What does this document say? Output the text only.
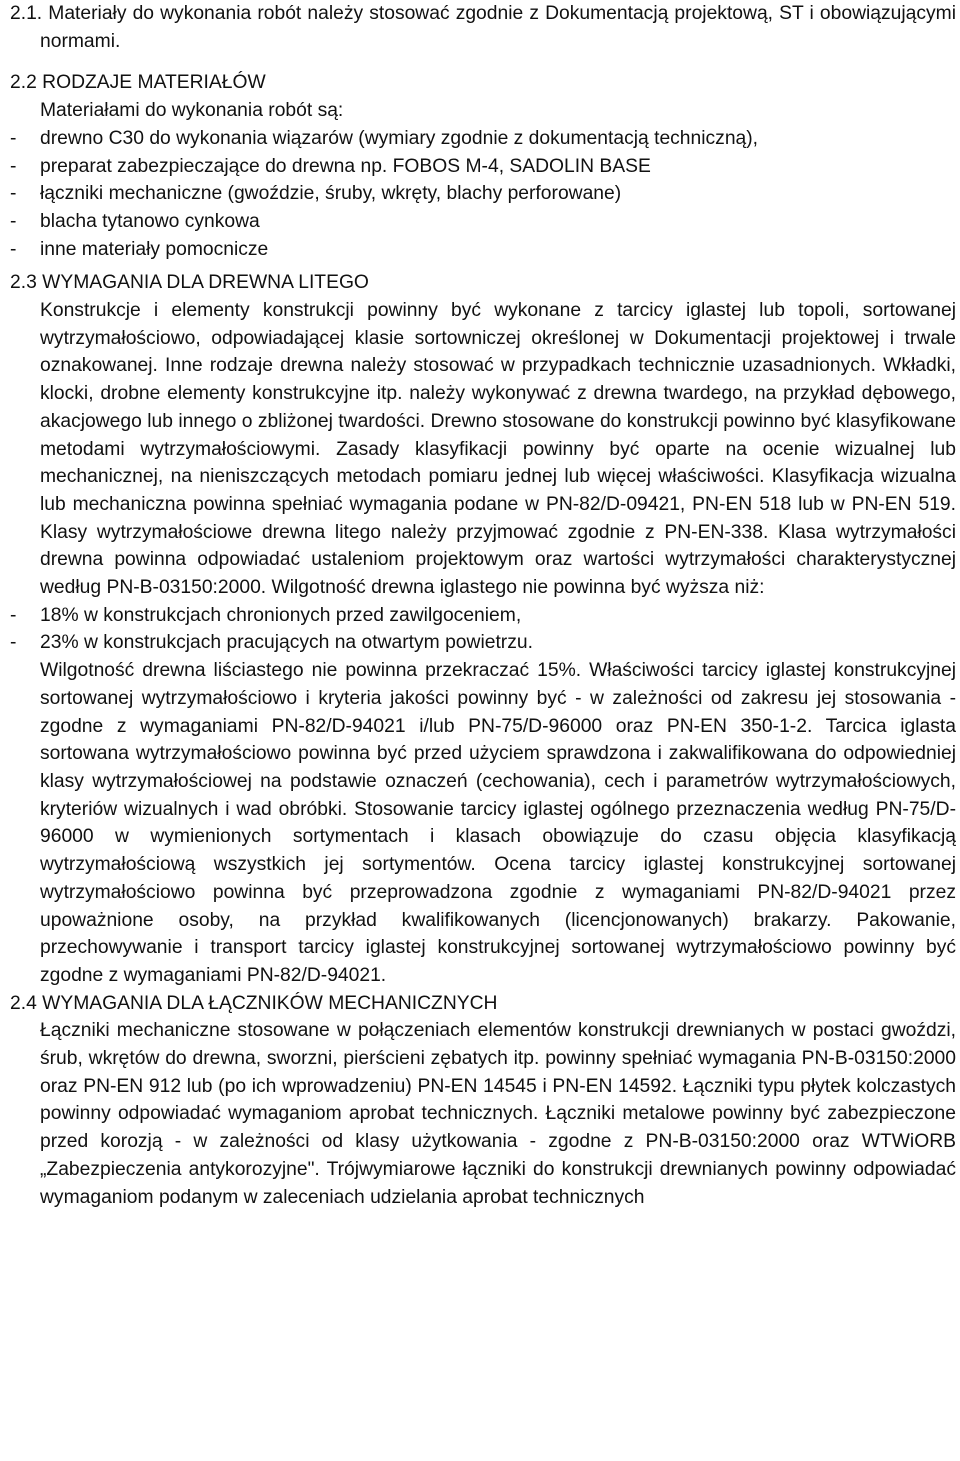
2.1. Materiały do wykonania robót należy stosować zgodnie z Dokumentacją projektową, ST i obowiązującymi normami.

2.2 RODZAJE MATERIAŁÓW

Materiałami do wykonania robót są:

- drewno C30 do wykonania wiązarów (wymiary zgodnie z dokumentacją techniczną),
- preparat zabezpieczające do drewna np. FOBOS M-4, SADOLIN BASE
- łączniki mechaniczne (gwoździe, śruby, wkręty, blachy perforowane)
- blacha tytanowo cynkowa
- inne materiały pomocnicze

2.3 WYMAGANIA DLA DREWNA LITEGO

Konstrukcje i elementy konstrukcji powinny być wykonane z tarcicy iglastej lub topoli, sortowanej wytrzymałościowo, odpowiadającej klasie sortowniczej określonej w Dokumentacji projektowej i trwale oznakowanej. Inne rodzaje drewna należy stosować w przypadkach technicznie uzasadnionych. Wkładki, klocki, drobne elementy konstrukcyjne itp. należy wykonywać z drewna twardego, na przykład dębowego, akacjowego lub innego o zbliżonej twardości. Drewno stosowane do konstrukcji powinno być klasyfikowane metodami wytrzymałościowymi. Zasady klasyfikacji powinny być oparte na ocenie wizualnej lub mechanicznej, na nieniszczących metodach pomiaru jednej lub więcej właściwości. Klasyfikacja wizualna lub mechaniczna powinna spełniać wymagania podane w PN-82/D-09421, PN-EN 518 lub w PN-EN 519. Klasy wytrzymałościowe drewna litego należy przyjmować zgodnie z PN-EN-338. Klasa wytrzymałości drewna powinna odpowiadać ustaleniom projektowym oraz wartości wytrzymałości charakterystycznej według PN-B-03150:2000. Wilgotność drewna iglastego nie powinna być wyższa niż:

- 18% w konstrukcjach chronionych przed zawilgoceniem,
- 23% w konstrukcjach pracujących na otwartym powietrzu.

Wilgotność drewna liściastego nie powinna przekraczać 15%. Właściwości tarcicy iglastej konstrukcyjnej sortowanej wytrzymałościowo i kryteria jakości powinny być - w zależności od zakresu jej stosowania - zgodne z wymaganiami PN-82/D-94021 i/lub PN-75/D-96000 oraz PN-EN 350-1-2. Tarcica iglasta sortowana wytrzymałościowo powinna być przed użyciem sprawdzona i zakwalifikowana do odpowiedniej klasy wytrzymałościowej na podstawie oznaczeń (cechowania), cech i parametrów wytrzymałościowych, kryteriów wizualnych i wad obróbki. Stosowanie tarcicy iglastej ogólnego przeznaczenia według PN-75/D-96000 w wymienionych sortymentach i klasach obowiązuje do czasu objęcia klasyfikacją wytrzymałościową wszystkich jej sortymentów. Ocena tarcicy iglastej konstrukcyjnej sortowanej wytrzymałościowo powinna być przeprowadzona zgodnie z wymaganiami PN-82/D-94021 przez upoważnione osoby, na przykład kwalifikowanych (licencjonowanych) brakarzy. Pakowanie, przechowywanie i transport tarcicy iglastej konstrukcyjnej sortowanej wytrzymałościowo powinny być zgodne z wymaganiami PN-82/D-94021.

2.4 WYMAGANIA DLA ŁĄCZNIKÓW MECHANICZNYCH

Łączniki mechaniczne stosowane w połączeniach elementów konstrukcji drewnianych w postaci gwoździ, śrub, wkrętów do drewna, sworzni, pierścieni zębatych itp. powinny spełniać wymagania PN-B-03150:2000 oraz PN-EN 912 lub (po ich wprowadzeniu) PN-EN 14545 i PN-EN 14592. Łączniki typu płytek kolczastych powinny odpowiadać wymaganiom aprobat technicznych. Łączniki metalowe powinny być zabezpieczone przed korozją - w zależności od klasy użytkowania - zgodne z PN-B-03150:2000 oraz WTWiORB „Zabezpieczenia antykorozyjne". Trójwymiarowe łączniki do konstrukcji drewnianych powinny odpowiadać wymaganiom podanym w zaleceniach udzielania aprobat technicznych
